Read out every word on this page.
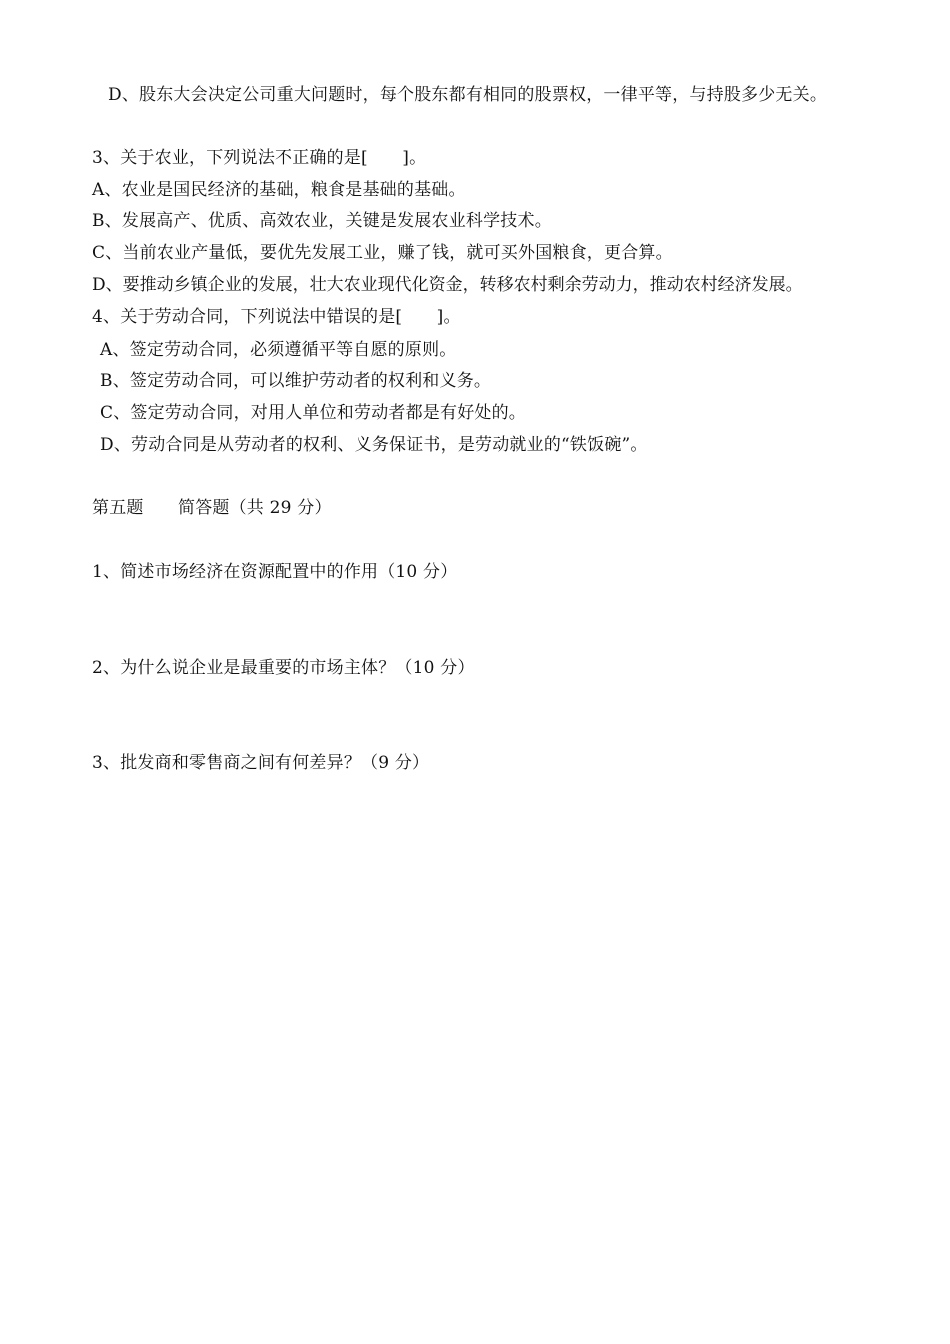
D、股东大会决定公司重大问题时，每个股东都有相同的股票权，一律平等，与持股多少无关。
3、关于农业，下列说法不正确的是[　　]。
A、农业是国民经济的基础，粮食是基础的基础。
B、发展高产、优质、高效农业，关键是发展农业科学技术。
C、当前农业产量低，要优先发展工业，赚了钱，就可买外国粮食，更合算。
D、要推动乡镇企业的发展，壮大农业现代化资金，转移农村剩余劳动力，推动农村经济发展。
4、关于劳动合同，下列说法中错误的是[　　]。
A、签定劳动合同，必须遵循平等自愿的原则。
B、签定劳动合同，可以维护劳动者的权利和义务。
C、签定劳动合同，对用人单位和劳动者都是有好处的。
D、劳动合同是从劳动者的权利、义务保证书，是劳动就业的“铁饭碗”。
第五题　　简答题（共 29 分）
1、简述市场经济在资源配置中的作用（10 分）
2、为什么说企业是最重要的市场主体？（10 分）
3、批发商和零售商之间有何差异？（9 分）
